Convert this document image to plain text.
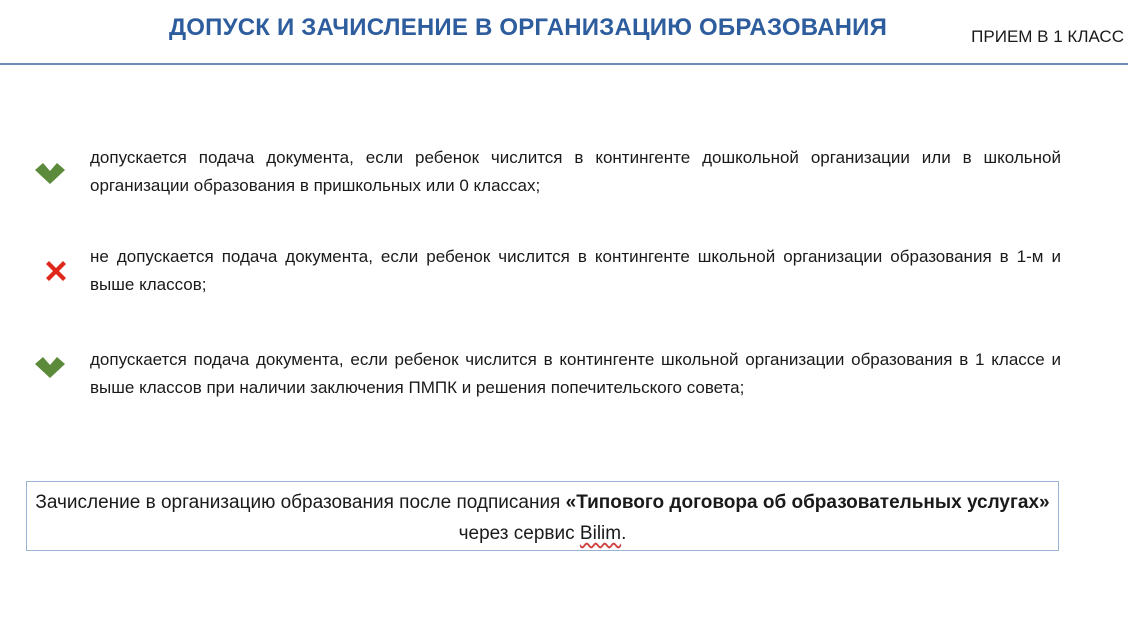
ДОПУСК И ЗАЧИСЛЕНИЕ В ОРГАНИЗАЦИЮ ОБРАЗОВАНИЯ	ПРИЕМ В 1 КЛАСС
допускается подача документа, если ребенок числится в контингенте дошкольной организации или в школьной организации образования в пришкольных или 0 классах;
не допускается подача документа, если ребенок числится в контингенте школьной организации образования в 1-м и выше классов;
допускается подача документа, если ребенок числится в контингенте школьной организации образования в 1 классе и выше классов при наличии заключения ПМПК и решения попечительского совета;
Зачисление в организацию образования после подписания «Типового договора об образовательных услугах» через сервис Bilim.
